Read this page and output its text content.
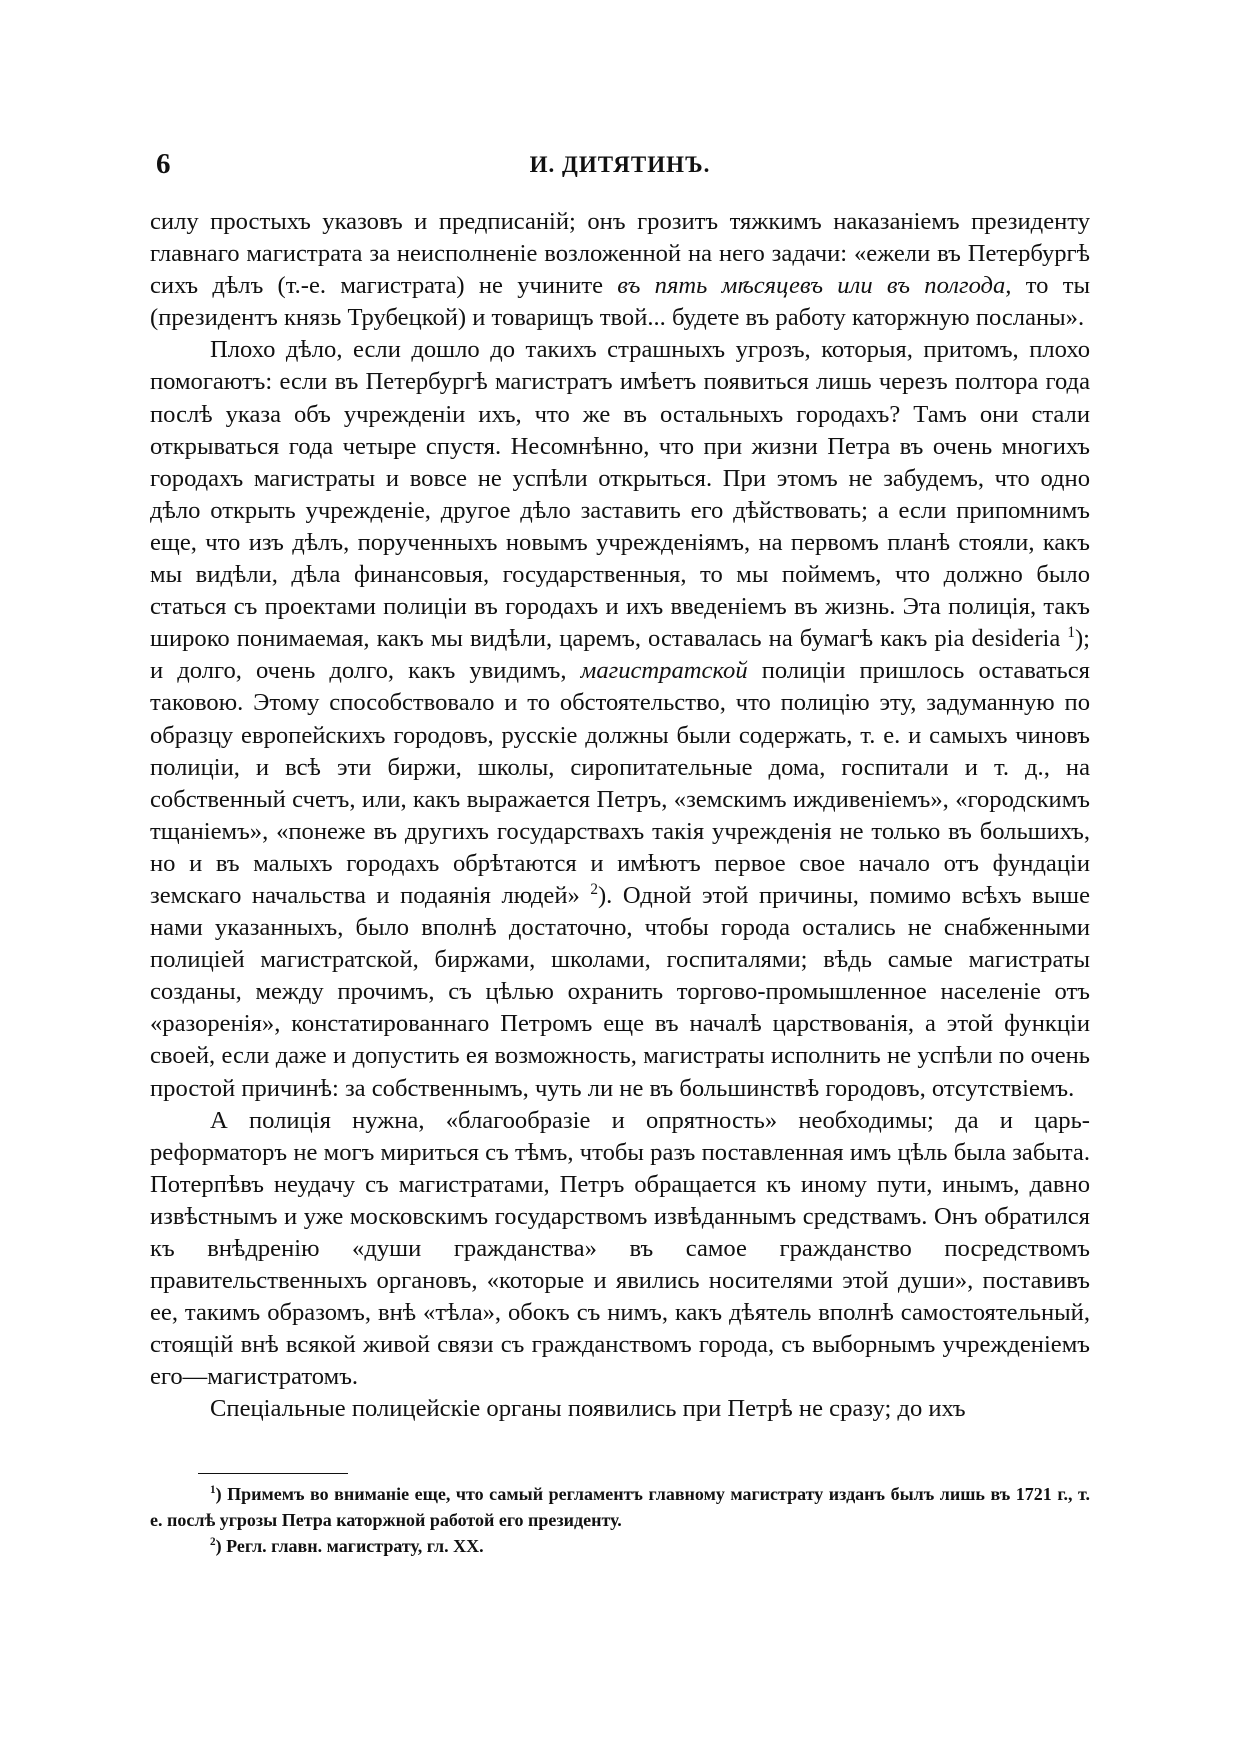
6	И. ДИТЯТИНЪ.

силу простыхъ указовъ и предписаній; онъ грозитъ тяжкимъ наказаніемъ президенту главнаго магистрата за неисполненіе возложенной на него задачи: «ежели въ Петербургѣ сихъ дѣлъ (т.-е. магистрата) не учините въ пять мѣсяцевъ или въ полгода, то ты (президентъ князь Трубецкой) и товарищъ твой... будете въ работу каторжную посланы».

Плохо дѣло, если дошло до такихъ страшныхъ угрозъ, которыя, притомъ, плохо помогаютъ: если въ Петербургѣ магистратъ имѣетъ появиться лишь черезъ полтора года послѣ указа объ учрежденіи ихъ, что же въ остальныхъ городахъ? Тамъ они стали открываться года четыре спустя. Несомнѣнно, что при жизни Петра въ очень многихъ городахъ магистраты и вовсе не успѣли открыться. При этомъ не забудемъ, что одно дѣло открыть учрежденіе, другое дѣло заставить его дѣйствовать; а если припомнимъ еще, что изъ дѣлъ, порученныхъ новымъ учрежденіямъ, на первомъ планѣ стояли, какъ мы видѣли, дѣла финансовыя, государственныя, то мы поймемъ, что должно было статься съ проектами полиціи въ городахъ и ихъ введеніемъ въ жизнь. Эта полиція, такъ широко понимаемая, какъ мы видѣли, царемъ, оставалась на бумагѣ какъ pia desideria $^1$); и долго, очень долго, какъ увидимъ, магистратской полиціи пришлось оставаться таковою. Этому способствовало и то обстоятельство, что полицію эту, задуманную по образцу европейскихъ городовъ, русскіе должны были содержать, т. е. и самыхъ чиновъ полиціи, и всѣ эти биржи, школы, сиропитательные дома, госпитали и т. д., на собственный счетъ, или, какъ выражается Петръ, «земскимъ иждивеніемъ», «городскимъ тщаніемъ», «понеже въ другихъ государствахъ такія учрежденія не только въ большихъ, но и въ малыхъ городахъ обрѣтаются и имѣютъ первое свое начало отъ фундаціи земскаго начальства и подаянія людей» $^2$). Одной этой причины, помимо всѣхъ выше нами указанныхъ, было вполнѣ достаточно, чтобы города остались не снабженными полиціей магистратской, биржами, школами, госпиталями; вѣдь самые магистраты созданы, между прочимъ, съ цѣлью охранить торгово-промышленное населеніе отъ «разоренія», констатированнаго Петромъ еще въ началѣ царствованія, а этой функціи своей, если даже и допустить ея возможность, магистраты исполнить не успѣли по очень простой причинѣ: за собственнымъ, чуть ли не въ большинствѣ городовъ, отсутствіемъ.

А полиція нужна, «благообразіе и опрятность» необходимы; да и царь-реформаторъ не могъ мириться съ тѣмъ, чтобы разъ поставленная имъ цѣль была забыта. Потерпѣвъ неудачу съ магистратами, Петръ обращается къ иному пути, инымъ, давно извѣстнымъ и уже московскимъ государствомъ извѣданнымъ средствамъ. Онъ обратился къ внѣдренію «души гражданства» въ самое гражданство посредствомъ правительственныхъ органовъ, «которые и явились носителями этой души», поставивъ ее, такимъ образомъ, внѣ «тѣла», обокъ съ нимъ, какъ дѣятель вполнѣ самостоятельный, стоящій внѣ всякой живой связи съ гражданствомъ города, съ выборнымъ учрежденіемъ его—магистратомъ.

Спеціальные полицейскіе органы появились при Петрѣ не сразу; до ихъ

$^1$) Примемъ во вниманіе еще, что самый регламентъ главному магистрату изданъ былъ лишь въ 1721 г., т. е. послѣ угрозы Петра каторжной работой его президенту.

$^2$) Регл. главн. магистрату, гл. XX.
